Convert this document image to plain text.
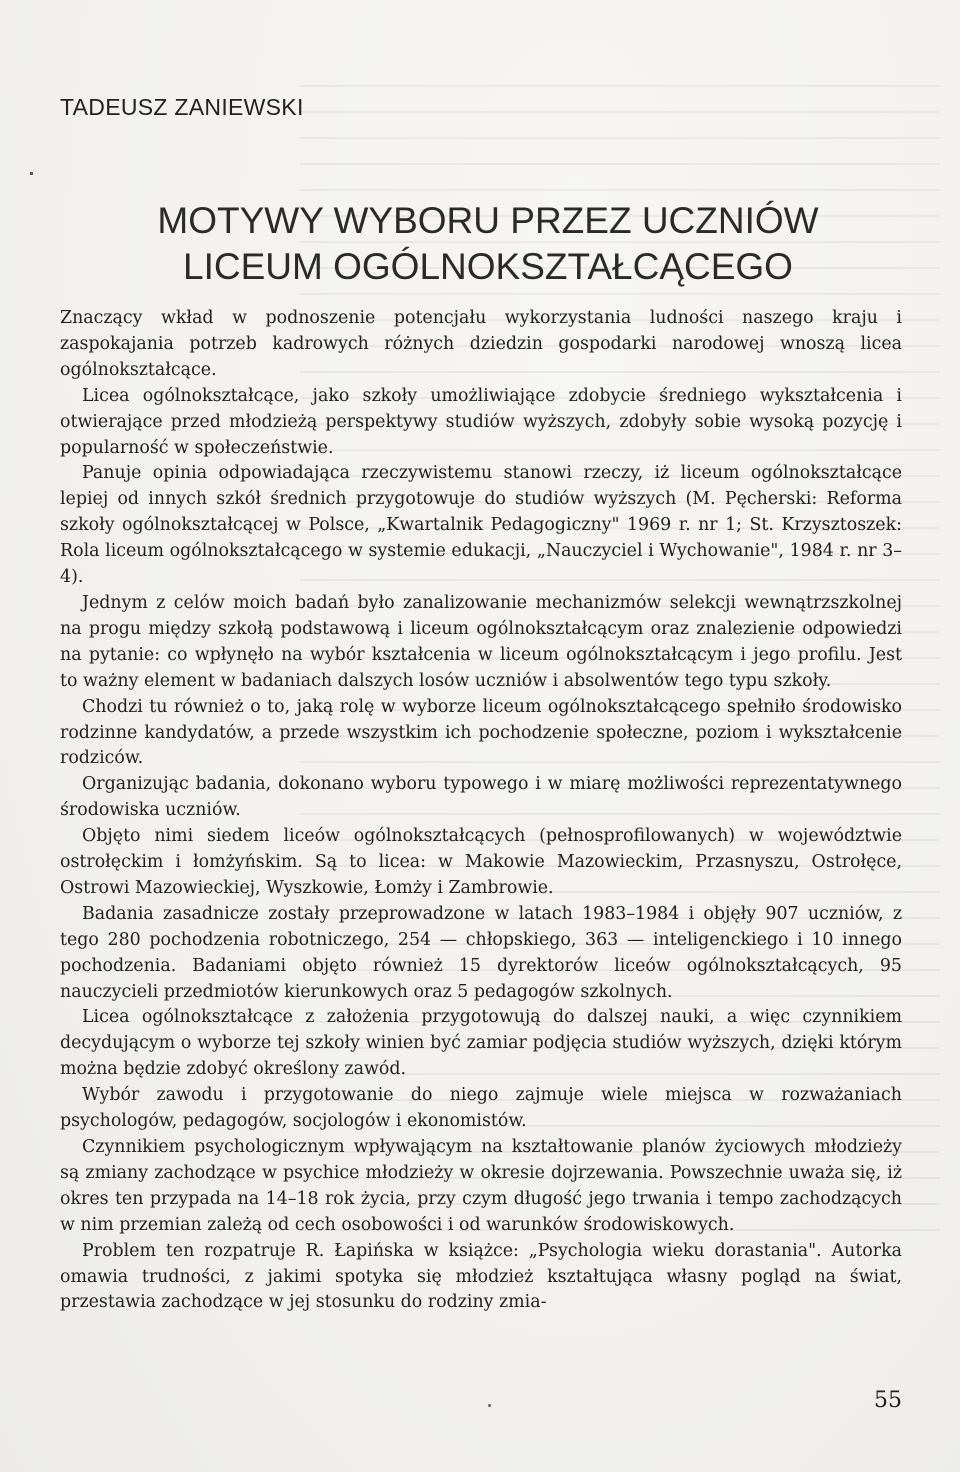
TADEUSZ ZANIEWSKI
MOTYWY WYBORU PRZEZ UCZNIÓW
LICEUM OGÓLNOKSZTAŁCĄCEGO

Znaczący wkład w podnoszenie potencjału wykorzystania ludności naszego kraju i zaspokajania potrzeb kadrowych różnych dziedzin gospodarki narodowej wnoszą licea ogólnokształcące.

Licea ogólnokształcące, jako szkoły umożliwiające zdobycie średniego wykształcenia i otwierające przed młodzieżą perspektywy studiów wyższych, zdobyły sobie wysoką pozycję i popularność w społeczeństwie.

Panuje opinia odpowiadająca rzeczywistemu stanowi rzeczy, iż liceum ogólnokształcące lepiej od innych szkół średnich przygotowuje do studiów wyższych (M. Pęcherski: Reforma szkoły ogólnokształcącej w Polsce, „Kwartalnik Pedagogiczny" 1969 r. nr 1; St. Krzysztoszek: Rola liceum ogólnokształcącego w systemie edukacji, „Nauczyciel i Wychowanie", 1984 r. nr 3–4).

Jednym z celów moich badań było zanalizowanie mechanizmów selekcji wewnątrzszkolnej na progu między szkołą podstawową i liceum ogólnokształcącym oraz znalezienie odpowiedzi na pytanie: co wpłynęło na wybór kształcenia w liceum ogólnokształcącym i jego profilu. Jest to ważny element w badaniach dalszych losów uczniów i absolwentów tego typu szkoły.

Chodzi tu również o to, jaką rolę w wyborze liceum ogólnokształcącego spełniło środowisko rodzinne kandydatów, a przede wszystkim ich pochodzenie społeczne, poziom i wykształcenie rodziców.

Organizując badania, dokonano wyboru typowego i w miarę możliwości reprezentatywnego środowiska uczniów.

Objęto nimi siedem liceów ogólnokształcących (pełnosprofilowanych) w województwie ostrołęckim i łomżyńskim. Są to licea: w Makowie Mazowieckim, Przasnyszu, Ostrołęce, Ostrowi Mazowieckiej, Wyszkowie, Łomży i Zambrowie.

Badania zasadnicze zostały przeprowadzone w latach 1983–1984 i objęły 907 uczniów, z tego 280 pochodzenia robotniczego, 254 — chłopskiego, 363 — inteligenckiego i 10 innego pochodzenia. Badaniami objęto również 15 dyrektorów liceów ogólnokształcących, 95 nauczycieli przedmiotów kierunkowych oraz 5 pedagogów szkolnych.

Licea ogólnokształcące z założenia przygotowują do dalszej nauki, a więc czynnikiem decydującym o wyborze tej szkoły winien być zamiar podjęcia studiów wyższych, dzięki którym można będzie zdobyć określony zawód.

Wybór zawodu i przygotowanie do niego zajmuje wiele miejsca w rozważaniach psychologów, pedagogów, socjologów i ekonomistów.

Czynnikiem psychologicznym wpływającym na kształtowanie planów życiowych młodzieży są zmiany zachodzące w psychice młodzieży w okresie dojrzewania. Powszechnie uważa się, iż okres ten przypada na 14–18 rok życia, przy czym długość jego trwania i tempo zachodzących w nim przemian zależą od cech osobowości i od warunków środowiskowych.

Problem ten rozpatruje R. Łapińska w książce: „Psychologia wieku dorastania". Autorka omawia trudności, z jakimi spotyka się młodzież kształtująca własny pogląd na świat, przestawia zachodzące w jej stosunku do rodziny zmia-

55
